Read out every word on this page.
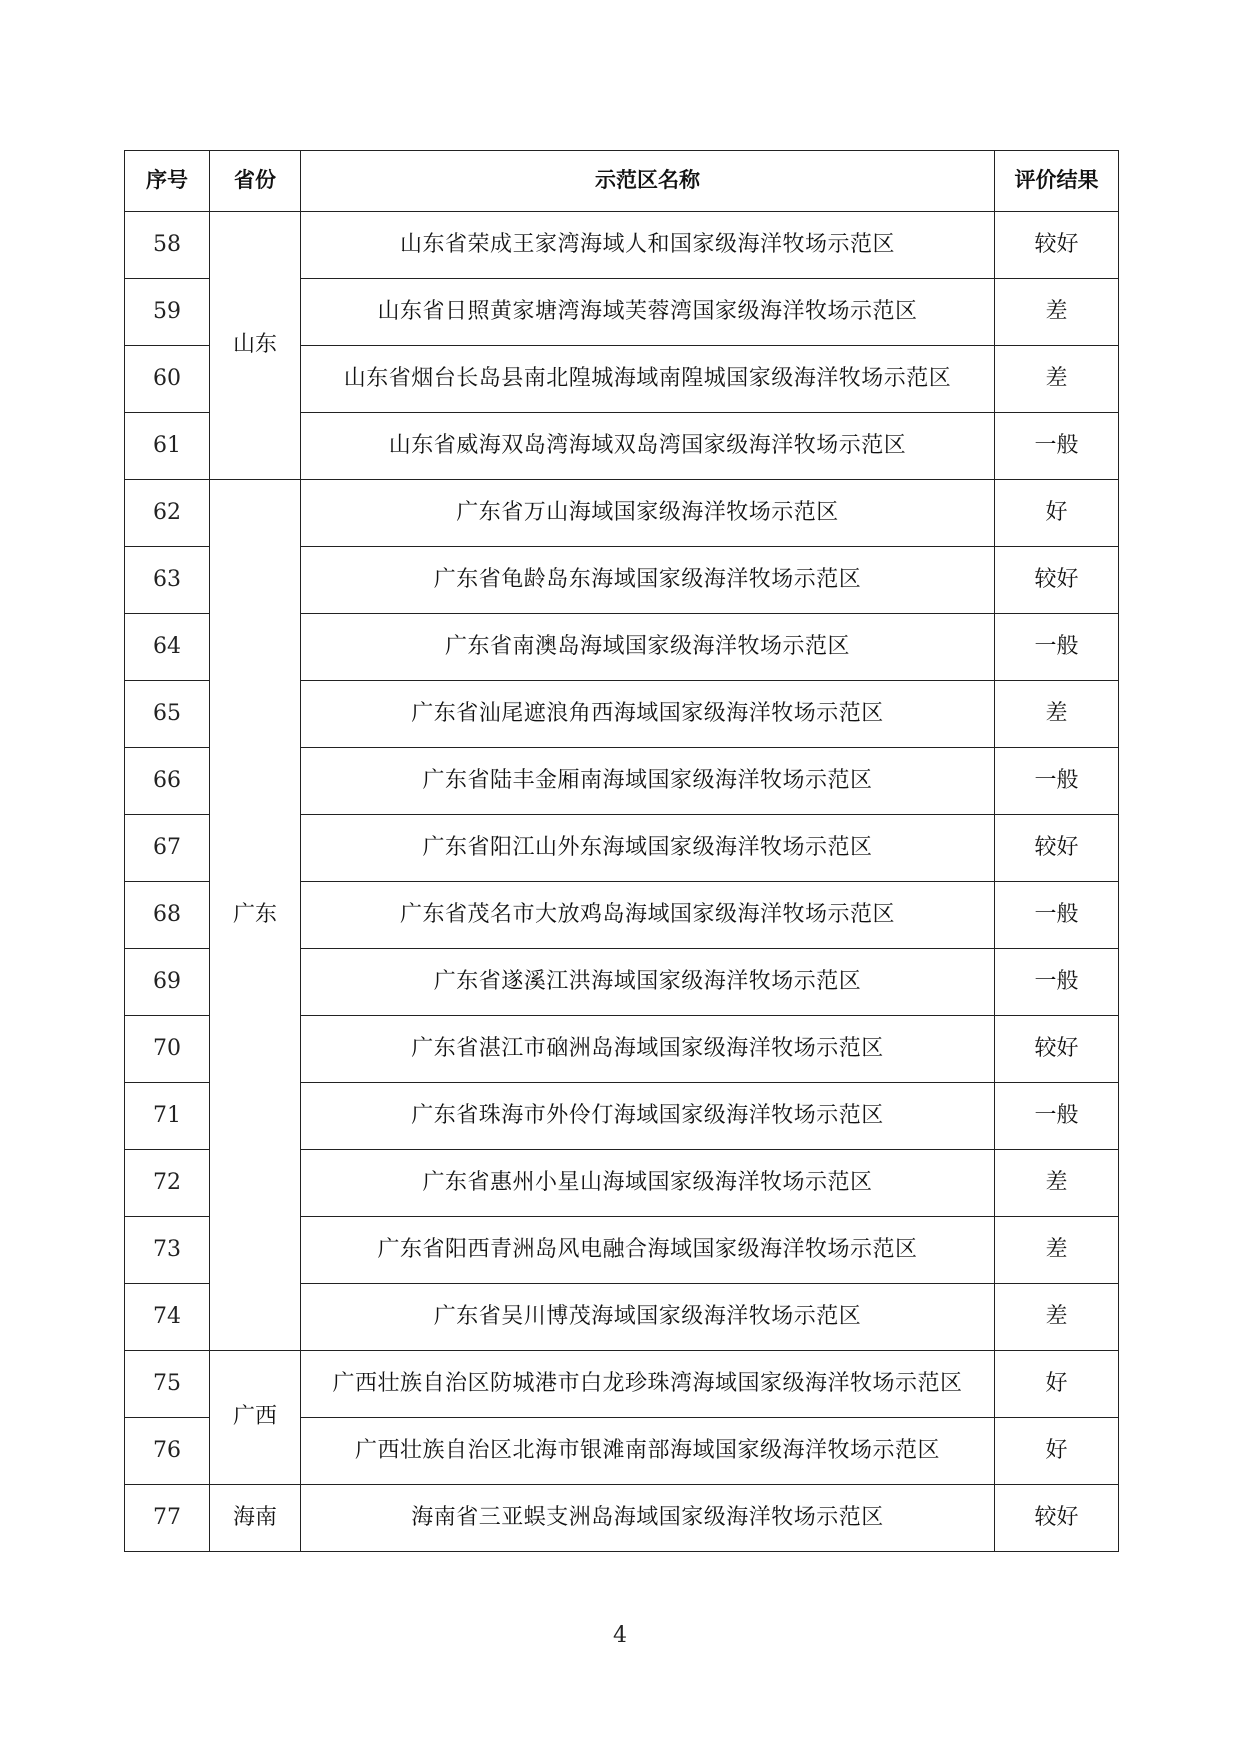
序号	省份	示范区名称	评价结果
58	山东	山东省荣成王家湾海域人和国家级海洋牧场示范区	较好
59		山东省日照黄家塘湾海域芙蓉湾国家级海洋牧场示范区	差
60		山东省烟台长岛县南北隍城海域南隍城国家级海洋牧场示范区	差
61		山东省威海双岛湾海域双岛湾国家级海洋牧场示范区	一般
62	广东	广东省万山海域国家级海洋牧场示范区	好
63		广东省龟龄岛东海域国家级海洋牧场示范区	较好
64		广东省南澳岛海域国家级海洋牧场示范区	一般
65		广东省汕尾遮浪角西海域国家级海洋牧场示范区	差
66		广东省陆丰金厢南海域国家级海洋牧场示范区	一般
67		广东省阳江山外东海域国家级海洋牧场示范区	较好
68		广东省茂名市大放鸡岛海域国家级海洋牧场示范区	一般
69		广东省遂溪江洪海域国家级海洋牧场示范区	一般
70		广东省湛江市硇洲岛海域国家级海洋牧场示范区	较好
71		广东省珠海市外伶仃海域国家级海洋牧场示范区	一般
72		广东省惠州小星山海域国家级海洋牧场示范区	差
73		广东省阳西青洲岛风电融合海域国家级海洋牧场示范区	差
74		广东省吴川博茂海域国家级海洋牧场示范区	差
75	广西	广西壮族自治区防城港市白龙珍珠湾海域国家级海洋牧场示范区	好
76		广西壮族自治区北海市银滩南部海域国家级海洋牧场示范区	好
77	海南	海南省三亚蜈支洲岛海域国家级海洋牧场示范区	较好
4
